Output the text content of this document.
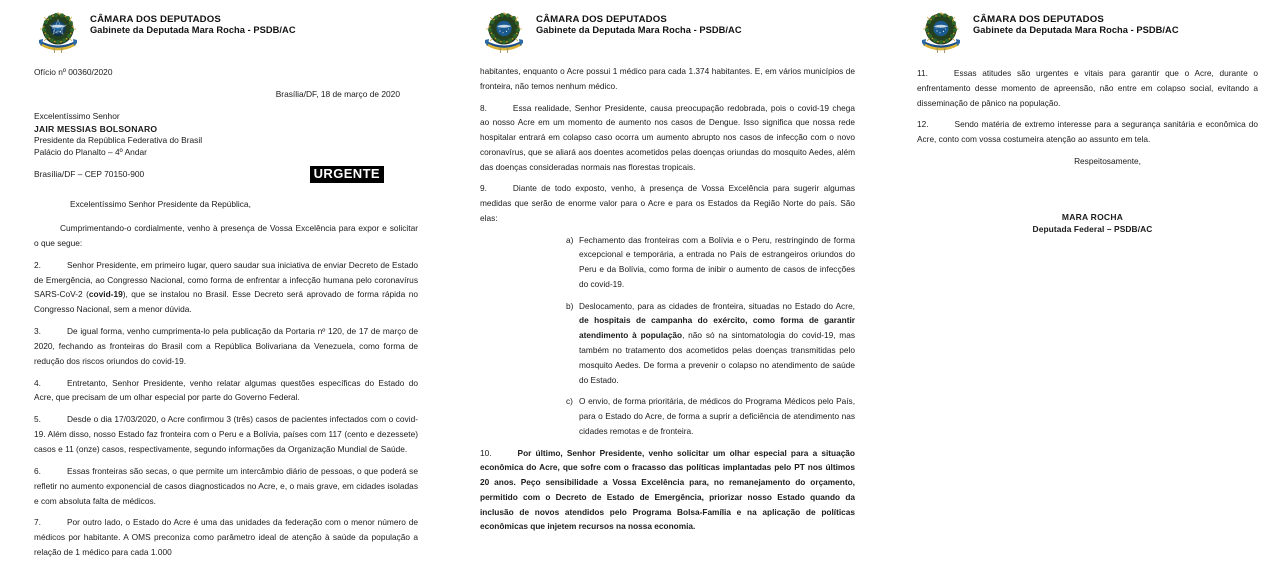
CÂMARA DOS DEPUTADOS
Gabinete da Deputada Mara Rocha - PSDB/AC
Ofício nº 00360/2020
Brasília/DF, 18 de março de 2020
Excelentíssimo Senhor
JAIR MESSIAS BOLSONARO
Presidente da República Federativa do Brasil
Palácio do Planalto – 4º Andar
Brasília/DF – CEP 70150-900	URGENTE
Excelentíssimo Senhor Presidente da República,

Cumprimentando-o cordialmente, venho à presença de Vossa Excelência para expor e solicitar o que segue:

2.	Senhor Presidente, em primeiro lugar, quero saudar sua iniciativa de enviar Decreto de Estado de Emergência, ao Congresso Nacional, como forma de enfrentar a infecção humana pelo coronavírus SARS-CoV-2 (covid-19), que se instalou no Brasil. Esse Decreto será aprovado de forma rápida no Congresso Nacional, sem a menor dúvida.

3.	De igual forma, venho cumprimenta-lo pela publicação da Portaria nº 120, de 17 de março de 2020, fechando as fronteiras do Brasil com a República Bolivariana da Venezuela, como forma de redução dos riscos oriundos do covid-19.

4.	Entretanto, Senhor Presidente, venho relatar algumas questões específicas do Estado do Acre, que precisam de um olhar especial por parte do Governo Federal.

5.	Desde o dia 17/03/2020, o Acre confirmou 3 (três) casos de pacientes infectados com o covid-19. Além disso, nosso Estado faz fronteira com o Peru e a Bolívia, países com 117 (cento e dezessete) casos e 11 (onze) casos, respectivamente, segundo informações da Organização Mundial de Saúde.

6.	Essas fronteiras são secas, o que permite um intercâmbio diário de pessoas, o que poderá se refletir no aumento exponencial de casos diagnosticados no Acre, e, o mais grave, em cidades isoladas e com absoluta falta de médicos.

7.	Por outro lado, o Estado do Acre é uma das unidades da federação com o menor número de médicos por habitante. A OMS preconiza como parâmetro ideal de atenção à saúde da população a relação de 1 médico para cada 1.000

CÂMARA DOS DEPUTADOS
Gabinete da Deputada Mara Rocha - PSDB/AC

habitantes, enquanto o Acre possui 1 médico para cada 1.374 habitantes. E, em vários municípios de fronteira, não temos nenhum médico.

8.	Essa realidade, Senhor Presidente, causa preocupação redobrada, pois o covid-19 chega ao nosso Acre em um momento de aumento nos casos de Dengue. Isso significa que nossa rede hospitalar entrará em colapso caso ocorra um aumento abrupto nos casos de infecção com o novo coronavírus, que se aliará aos doentes acometidos pelas doenças oriundas do mosquito Aedes, além das doenças consideradas normais nas florestas tropicais.

9.	Diante de todo exposto, venho, à presença de Vossa Excelência para sugerir algumas medidas que serão de enorme valor para o Acre e para os Estados da Região Norte do país. São elas:

a) Fechamento das fronteiras com a Bolívia e o Peru, restringindo de forma excepcional e temporária, a entrada no País de estrangeiros oriundos do Peru e da Bolívia, como forma de inibir o aumento de casos de infecções do covid-19.
b) Deslocamento, para as cidades de fronteira, situadas no Estado do Acre, de hospitais de campanha do exército, como forma de garantir atendimento à população, não só na sintomatologia do covid-19, mas também no tratamento dos acometidos pelas doenças transmitidas pelo mosquito Aedes. De forma a prevenir o colapso no atendimento de saúde do Estado.
c) O envio, de forma prioritária, de médicos do Programa Médicos pelo País, para o Estado do Acre, de forma a suprir a deficiência de atendimento nas cidades remotas e de fronteira.

10.	Por último, Senhor Presidente, venho solicitar um olhar especial para a situação econômica do Acre, que sofre com o fracasso das políticas implantadas pelo PT nos últimos 20 anos. Peço sensibilidade a Vossa Excelência para, no remanejamento do orçamento, permitido com o Decreto de Estado de Emergência, priorizar nosso Estado quando da inclusão de novos atendidos pelo Programa Bolsa-Família e na aplicação de políticas econômicas que injetem recursos na nossa economia.

CÂMARA DOS DEPUTADOS
Gabinete da Deputada Mara Rocha - PSDB/AC

11.	Essas atitudes são urgentes e vitais para garantir que o Acre, durante o enfrentamento desse momento de apreensão, não entre em colapso social, evitando a disseminação de pânico na população.

12.	Sendo matéria de extremo interesse para a segurança sanitária e econômica do Acre, conto com vossa costumeira atenção ao assunto em tela.

Respeitosamente,
MARA ROCHA
Deputada Federal – PSDB/AC
